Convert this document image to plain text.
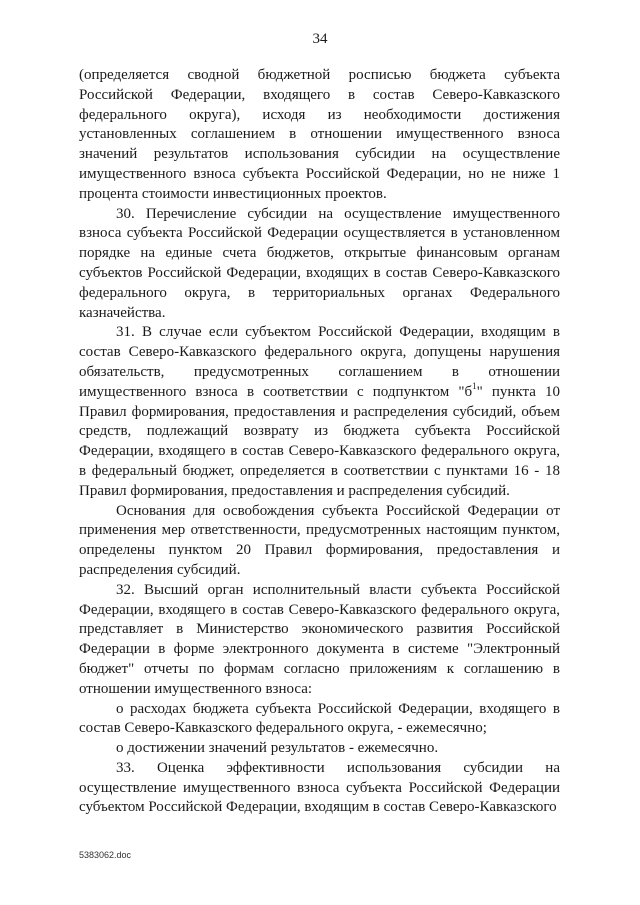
34

(определяется сводной бюджетной росписью бюджета субъекта Российской Федерации, входящего в состав Северо-Кавказского федерального округа), исходя из необходимости достижения установленных соглашением в отношении имущественного взноса значений результатов использования субсидии на осуществление имущественного взноса субъекта Российской Федерации, но не ниже 1 процента стоимости инвестиционных проектов.

30. Перечисление субсидии на осуществление имущественного взноса субъекта Российской Федерации осуществляется в установленном порядке на единые счета бюджетов, открытые финансовым органам субъектов Российской Федерации, входящих в состав Северо-Кавказского федерального округа, в территориальных органах Федерального казначейства.

31. В случае если субъектом Российской Федерации, входящим в состав Северо-Кавказского федерального округа, допущены нарушения обязательств, предусмотренных соглашением в отношении имущественного взноса в соответствии с подпунктом "$б^1$" пункта 10 Правил формирования, предоставления и распределения субсидий, объем средств, подлежащий возврату из бюджета субъекта Российской Федерации, входящего в состав Северо-Кавказского федерального округа, в федеральный бюджет, определяется в соответствии с пунктами 16 - 18 Правил формирования, предоставления и распределения субсидий.

Основания для освобождения субъекта Российской Федерации от применения мер ответственности, предусмотренных настоящим пунктом, определены пунктом 20 Правил формирования, предоставления и распределения субсидий.

32. Высший орган исполнительный власти субъекта Российской Федерации, входящего в состав Северо-Кавказского федерального округа, представляет в Министерство экономического развития Российской Федерации в форме электронного документа в системе "Электронный бюджет" отчеты по формам согласно приложениям к соглашению в отношении имущественного взноса:

о расходах бюджета субъекта Российской Федерации, входящего в состав Северо-Кавказского федерального округа, - ежемесячно;

о достижении значений результатов - ежемесячно.

33. Оценка эффективности использования субсидии на осуществление имущественного взноса субъекта Российской Федерации субъектом Российской Федерации, входящим в состав Северо-Кавказского

5383062.doc
